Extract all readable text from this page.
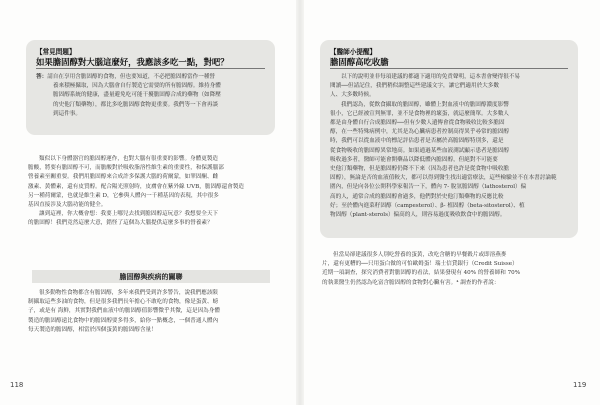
【常見問題】
如果膽固醇對大腦這麼好，我應該多吃一點，對吧？
答：請自在享用含膽固醇的食物，但也要知道，不必把膽固醇當作一種營
養來積極攝取，因為大腦會自行製造它需要的所有膽固醇。維持身體
膽固醇系統的健康，盡量避免吃可能干擾膽固醇合成的藥物（如降壓
的史他汀類藥物），都比多吃膽固醇食物更重要。我們等一下會再談
到這件事。
類似以下身體器官的膽固醇運作，也對大腦有很重要的影響。身體更製造
膽酸，將要有膽固醇不可，而膽酸對於吸收脂溶性維生素的重要性，和保護腦部
營養素至關重要。我們用膽固醇來合成許多保護大腦的荷爾蒙，如睪固酮、雌
激素、黃體素，還有皮質醇。配合陽光照射時，皮膚會在紫外線 UVB，膽固醇還會製造
另一種荷爾蒙，也就是維生素 D，它參與人體內一千種基因的表現，其中很多
基因直接涉及大腦功能的健全。
讓到這裡，你大概會想：我要上哪兒去找到膽固醇這玩意？我想要全天下
的膽固醇！我們竟然這麼大意，錯怪了這個為大腦提供這麼多事的營養素？
膽固醇與疾病的關聯
很多動物性食物都含有膽固醇，多年來我們受到許多警告，說我們應該限
制攝取這些多油的食物，但是很多我們長年擔心不敢吃的食物，像是蛋黃、螃
子，或是有 海鮮，其實對我們血液中的膽固醇值影響微乎其微，這是因為身體
製造的膽固醇遠比食物中的膽固醇要多得多，給你一點概念，一個普通人體內
每天製造的膽固醇，相當於四個蛋黃的膽固醇含量！
118
【醫師小提醒】
膽固醇高吃收膽
以下的說明並非每項建議的都適下適用的免責聲明，這本書會變得很不易
閱讀──但請記住，我們稍似調整這些建議文字，讓它們適用於大多數
人、大多數時候。
我們認為，從飲食攝取的膽固醇，雖體上對血液中的膽固醇濃度影響
很小，它已經被宣判無罪，並不是食物裡的壞蛋，就這麼簡單。大多數人
都是由身體自行合成膽固醇──但有少數人遺傳會從食物吸收比較多膽固
醇，在一些特殊病例中，尤其是為心臟病患者控制高得異乎尋常的膽固醇
時，我們可以從血液中的標記評估患者是否屬於高膽固醇特別多，還是
從食物吸收的膽固醇異常地高。如果通過某些血液測試顯示患者是膽固醇
吸收過多者，醫師可能會開藥品以降低體內膽固醇，但絕對不可能要
史他汀類藥物，但是膽固醇仍降不下來（因為患者也許是從食物中吸收膽
固醇），無論是否的血液值較大，都可以得到醫生找出適當療法，這些檢驗並不在本書討論範
圍內，但是向各位公開科學家報告一下，體內 7- 脫氫膽固醇（lathosterol）偏
高的人，通常合成的膽固醇會過多，他們對於史他汀類藥物的反應比較
好；至於體內進菜籽固醇（campesterol）、β- 植固醇（beta-sitosterol）、植
物固醇（plant-sterols）偏高的人，則容易過度吸收飲食中的膽固醇。
但當局卻建議很多人別吃營養的蛋黃，改吃含糖的早餐穀片或即溶燕麥
片，還有更糟的──只用蛋白做的可怕歐姆蛋！瑞士信貸銀行（Credit Suisse）
近期一項調查，探究消費者對膽固醇的看法，結果發現有 40% 的營養師和 70%
的執業醫生仍然認為吃富含膽固醇的食物對心臟有害。⁴ 調查的作者說：
119
